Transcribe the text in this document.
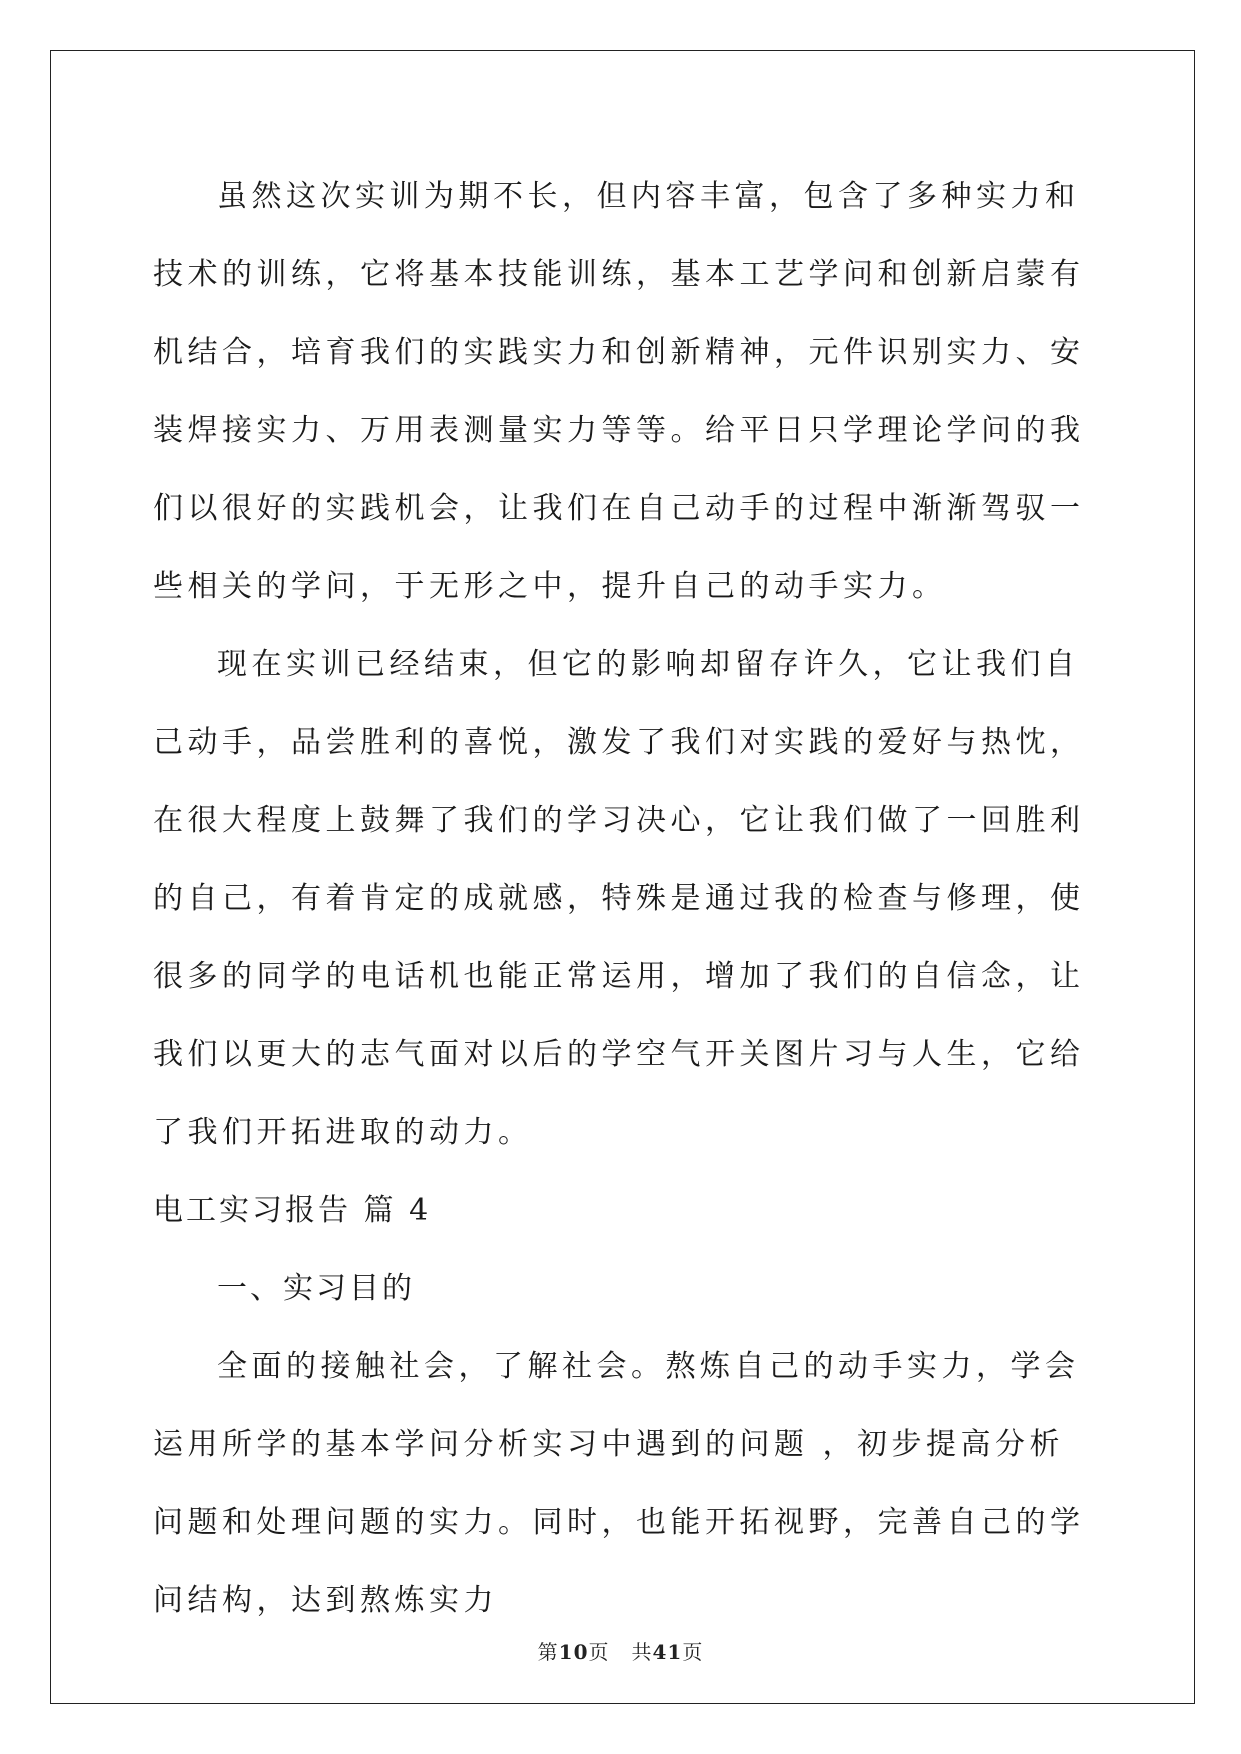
虽然这次实训为期不长，但内容丰富，包含了多种实力和技术的训练，它将基本技能训练，基本工艺学问和创新启蒙有机结合，培育我们的实践实力和创新精神，元件识别实力、安装焊接实力、万用表测量实力等等。给平日只学理论学问的我们以很好的实践机会，让我们在自己动手的过程中渐渐驾驭一些相关的学问，于无形之中，提升自己的动手实力。

现在实训已经结束，但它的影响却留存许久，它让我们自己动手，品尝胜利的喜悦，激发了我们对实践的爱好与热忱，在很大程度上鼓舞了我们的学习决心，它让我们做了一回胜利的自己，有着肯定的成就感，特殊是通过我的检查与修理，使很多的同学的电话机也能正常运用，增加了我们的自信念，让我们以更大的志气面对以后的学空气开关图片习与人生，它给了我们开拓进取的动力。

电工实习报告 篇 4

一、实习目的

全面的接触社会，了解社会。熬炼自己的动手实力，学会运用所学的基本学问分析实习中遇到的问题 ，初步提高分析问题和处理问题的实力。同时，也能开拓视野，完善自己的学问结构，达到熬炼实力

第10页 共41页
